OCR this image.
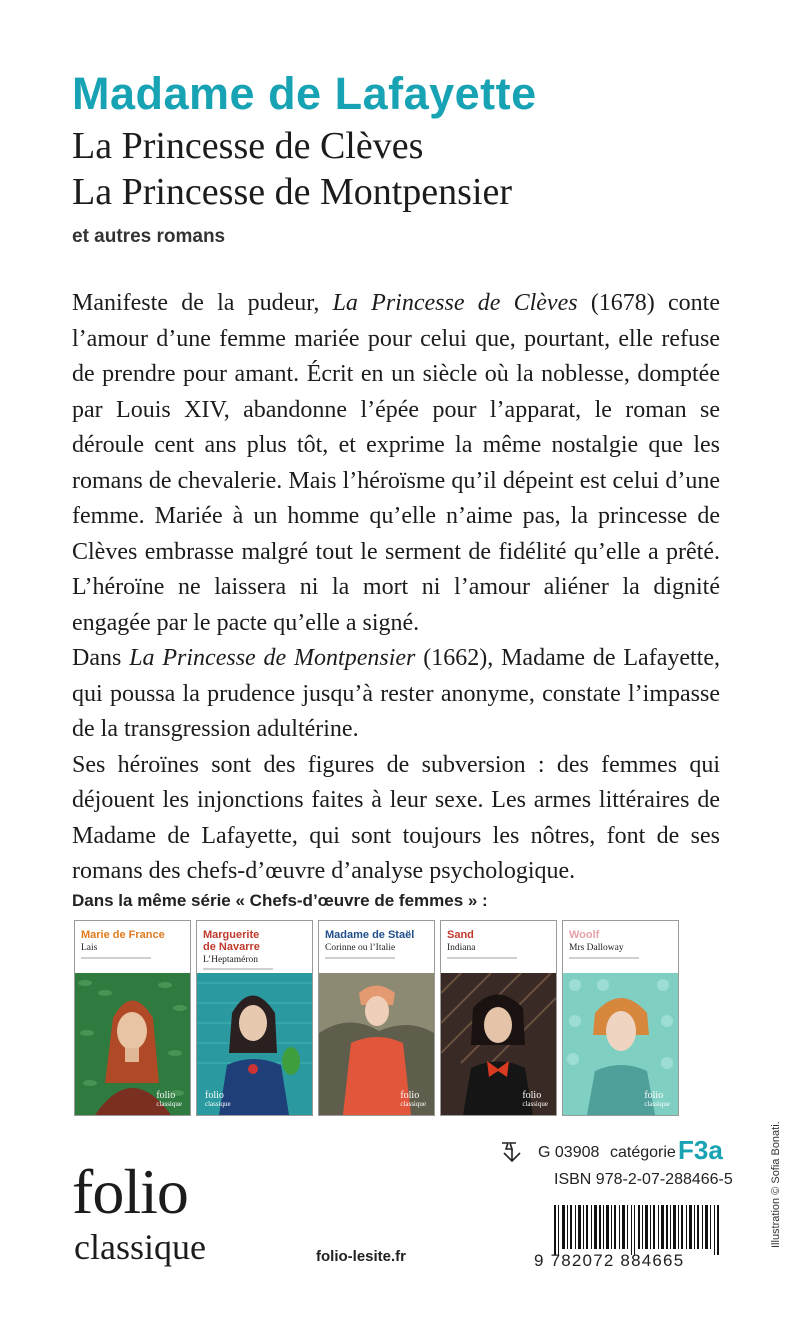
Madame de Lafayette
La Princesse de Clèves
La Princesse de Montpensier
et autres romans

Manifeste de la pudeur, La Princesse de Clèves (1678) conte l’amour d’une femme mariée pour celui que, pourtant, elle refuse de prendre pour amant. Écrit en un siècle où la noblesse, domptée par Louis XIV, abandonne l’épée pour l’apparat, le roman se déroule cent ans plus tôt, et exprime la même nostalgie que les romans de chevalerie. Mais l’héroïsme qu’il dépeint est celui d’une femme. Mariée à un homme qu’elle n’aime pas, la princesse de Clèves embrasse malgré tout le serment de fidélité qu’elle a prêté. L’héroïne ne laissera ni la mort ni l’amour aliéner la dignité engagée par le pacte qu’elle a signé.

Dans La Princesse de Montpensier (1662), Madame de Lafayette, qui poussa la prudence jusqu’à rester anonyme, constate l’impasse de la transgression adultérine.

Ses héroïnes sont des figures de subversion : des femmes qui déjouent les injonctions faites à leur sexe. Les armes littéraires de Madame de Lafayette, qui sont toujours les nôtres, font de ses romans des chefs-d’œuvre d’analyse psychologique.

Dans la même série « Chefs-d’œuvre de femmes » :
Marie de France
Lais
folio
classique
Marguerite
de Navarre
L’Heptaméron
folio
classique
Madame de Staël
Corinne ou l’Italie
folio
classique
Sand
Indiana
folio
classique
Woolf
Mrs Dalloway
folio
classique
G 03908 catégorie F3a
ISBN 978-2-07-288466-5
9 782072 884665
folio
classique	folio-lesite.fr
Illustration © Sofia Bonati.
